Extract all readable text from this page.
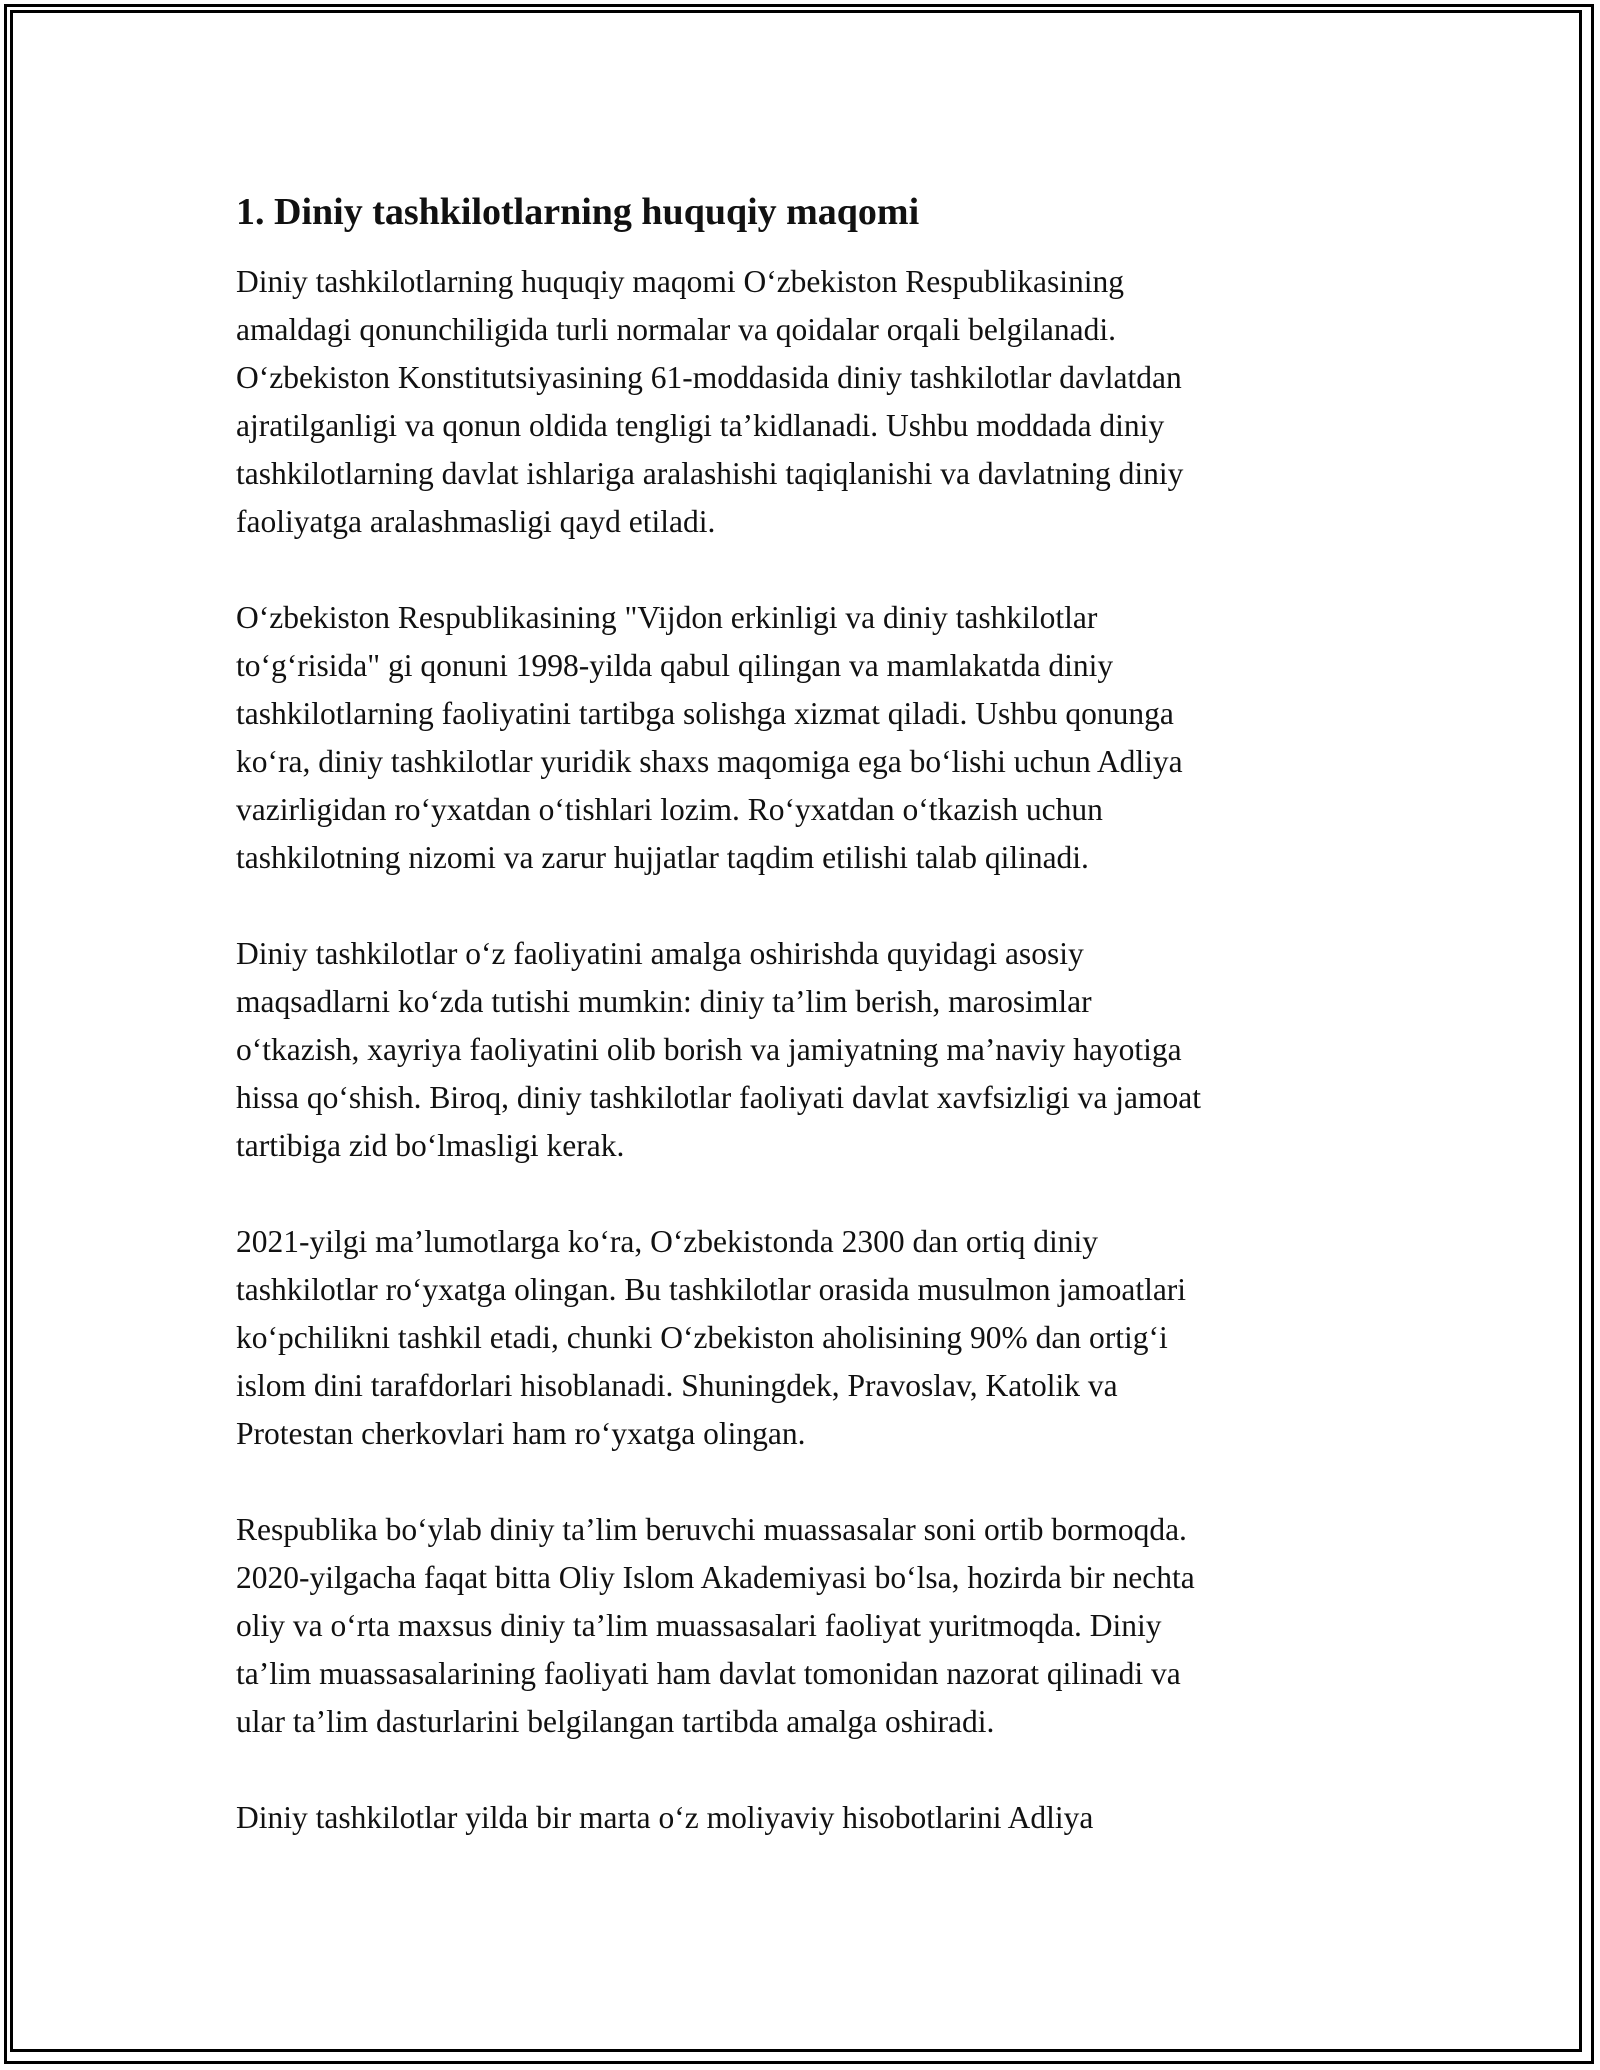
1. Diniy tashkilotlarning huquqiy maqomi
Diniy tashkilotlarning huquqiy maqomi O‘zbekiston Respublikasining
amaldagi qonunchiligida turli normalar va qoidalar orqali belgilanadi.
O‘zbekiston Konstitutsiyasining 61-moddasida diniy tashkilotlar davlatdan
ajratilganligi va qonun oldida tengligi ta’kidlanadi. Ushbu moddada diniy
tashkilotlarning davlat ishlariga aralashishi taqiqlanishi va davlatning diniy
faoliyatga aralashmasligi qayd etiladi.
O‘zbekiston Respublikasining "Vijdon erkinligi va diniy tashkilotlar
to‘g‘risida" gi qonuni 1998-yilda qabul qilingan va mamlakatda diniy
tashkilotlarning faoliyatini tartibga solishga xizmat qiladi. Ushbu qonunga
ko‘ra, diniy tashkilotlar yuridik shaxs maqomiga ega bo‘lishi uchun Adliya
vazirligidan ro‘yxatdan o‘tishlari lozim. Ro‘yxatdan o‘tkazish uchun
tashkilotning nizomi va zarur hujjatlar taqdim etilishi talab qilinadi.
Diniy tashkilotlar o‘z faoliyatini amalga oshirishda quyidagi asosiy
maqsadlarni ko‘zda tutishi mumkin: diniy ta’lim berish, marosimlar
o‘tkazish, xayriya faoliyatini olib borish va jamiyatning ma’naviy hayotiga
hissa qo‘shish. Biroq, diniy tashkilotlar faoliyati davlat xavfsizligi va jamoat
tartibiga zid bo‘lmasligi kerak.
2021-yilgi ma’lumotlarga ko‘ra, O‘zbekistonda 2300 dan ortiq diniy
tashkilotlar ro‘yxatga olingan. Bu tashkilotlar orasida musulmon jamoatlari
ko‘pchilikni tashkil etadi, chunki O‘zbekiston aholisining 90% dan ortig‘i
islom dini tarafdorlari hisoblanadi. Shuningdek, Pravoslav, Katolik va
Protestan cherkovlari ham ro‘yxatga olingan.
Respublika bo‘ylab diniy ta’lim beruvchi muassasalar soni ortib bormoqda.
2020-yilgacha faqat bitta Oliy Islom Akademiyasi bo‘lsa, hozirda bir nechta
oliy va o‘rta maxsus diniy ta’lim muassasalari faoliyat yuritmoqda. Diniy
ta’lim muassasalarining faoliyati ham davlat tomonidan nazorat qilinadi va
ular ta’lim dasturlarini belgilangan tartibda amalga oshiradi.
Diniy tashkilotlar yilda bir marta o‘z moliyaviy hisobotlarini Adliya
